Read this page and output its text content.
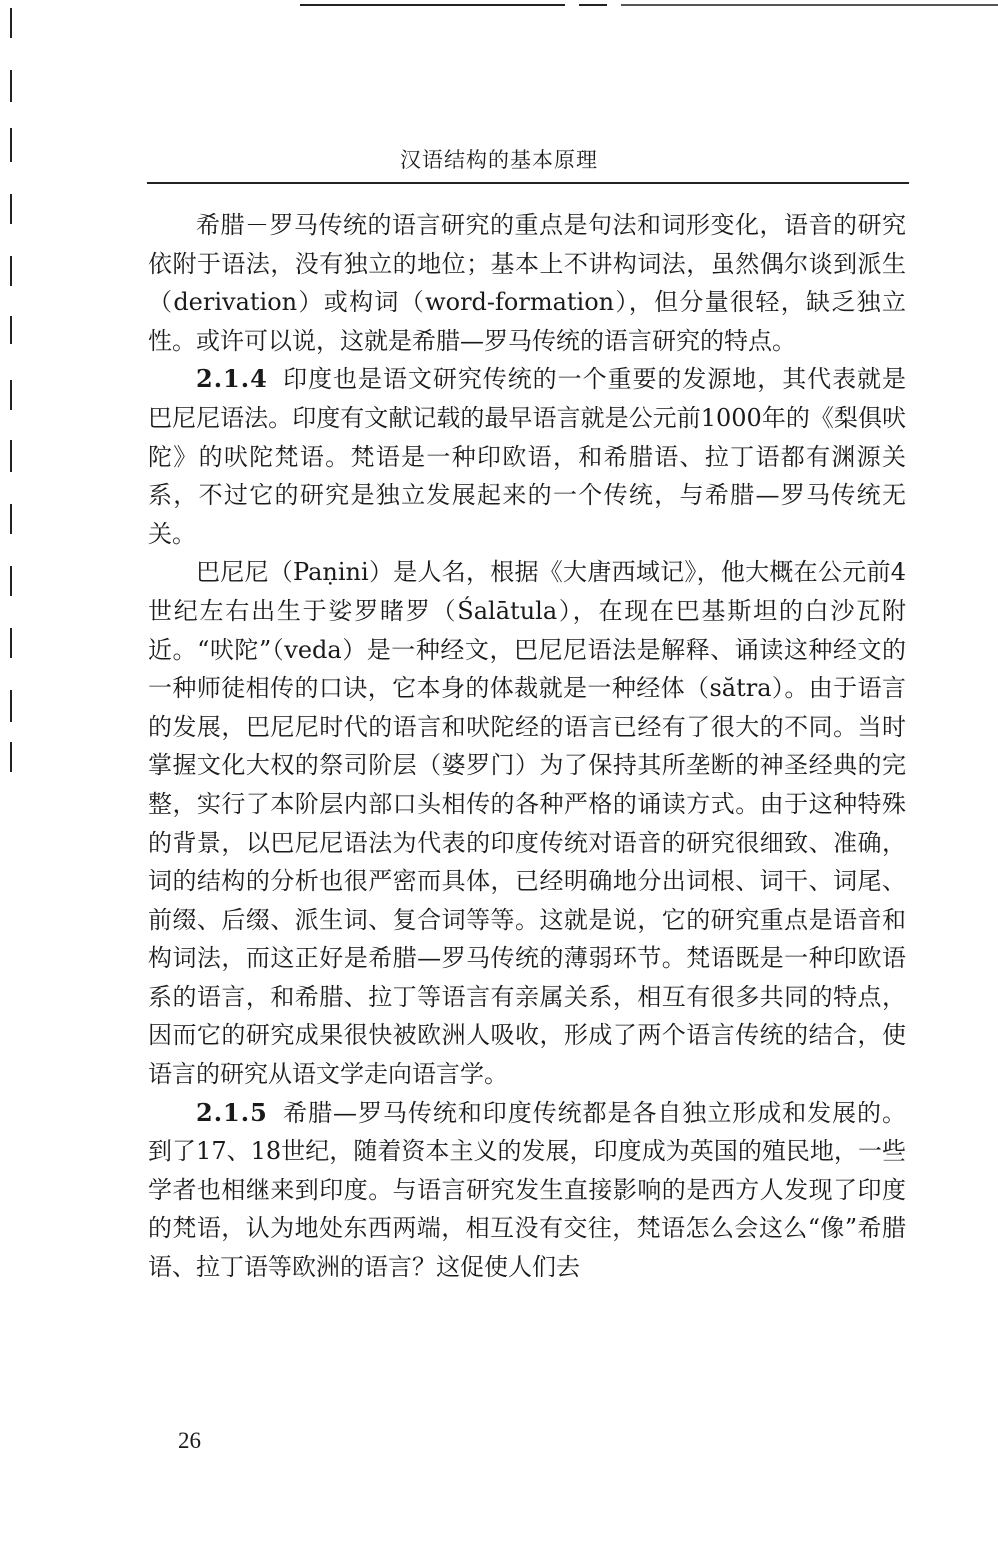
汉语结构的基本原理

希腊－罗马传统的语言研究的重点是句法和词形变化，语音的研究依附于语法，没有独立的地位；基本上不讲构词法，虽然偶尔谈到派生（derivation）或构词（word-formation），但分量很轻，缺乏独立性。或许可以说，这就是希腊—罗马传统的语言研究的特点。

2.1.4 印度也是语文研究传统的一个重要的发源地，其代表就是巴尼尼语法。印度有文献记载的最早语言就是公元前1000年的《梨俱吠陀》的吠陀梵语。梵语是一种印欧语，和希腊语、拉丁语都有渊源关系，不过它的研究是独立发展起来的一个传统，与希腊—罗马传统无关。

巴尼尼（Paṇini）是人名，根据《大唐西域记》，他大概在公元前4世纪左右出生于娑罗睹罗（Śalātula），在现在巴基斯坦的白沙瓦附近。“吠陀”（veda）是一种经文，巴尼尼语法是解释、诵读这种经文的一种师徒相传的口诀，它本身的体裁就是一种经体（sătra）。由于语言的发展，巴尼尼时代的语言和吠陀经的语言已经有了很大的不同。当时掌握文化大权的祭司阶层（婆罗门）为了保持其所垄断的神圣经典的完整，实行了本阶层内部口头相传的各种严格的诵读方式。由于这种特殊的背景，以巴尼尼语法为代表的印度传统对语音的研究很细致、准确，词的结构的分析也很严密而具体，已经明确地分出词根、词干、词尾、前缀、后缀、派生词、复合词等等。这就是说，它的研究重点是语音和构词法，而这正好是希腊—罗马传统的薄弱环节。梵语既是一种印欧语系的语言，和希腊、拉丁等语言有亲属关系，相互有很多共同的特点，因而它的研究成果很快被欧洲人吸收，形成了两个语言传统的结合，使语言的研究从语文学走向语言学。

2.1.5 希腊—罗马传统和印度传统都是各自独立形成和发展的。到了17、18世纪，随着资本主义的发展，印度成为英国的殖民地，一些学者也相继来到印度。与语言研究发生直接影响的是西方人发现了印度的梵语，认为地处东西两端，相互没有交往，梵语怎么会这么“像”希腊语、拉丁语等欧洲的语言？这促使人们去

26
